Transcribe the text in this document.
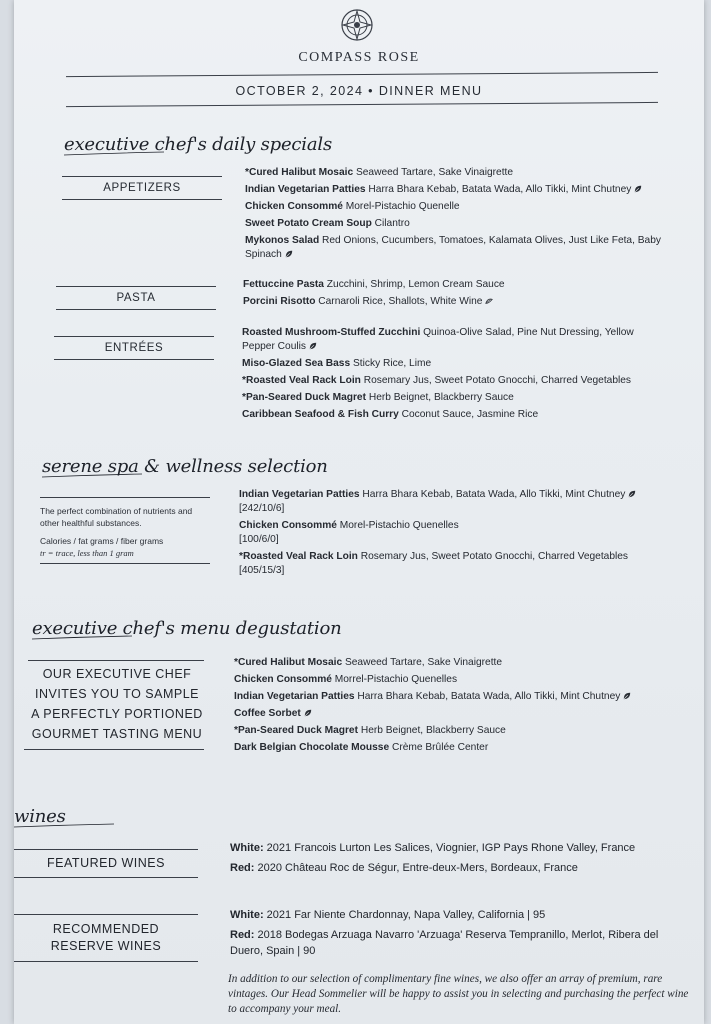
COMPASS ROSE
OCTOBER 2, 2024 • DINNER MENU
executive chef's daily specials
APPETIZERS
*Cured Halibut Mosaic Seaweed Tartare, Sake Vinaigrette
Indian Vegetarian Patties Harra Bhara Kebab, Batata Wada, Allo Tikki, Mint Chutney
Chicken Consommé Morel-Pistachio Quenelle
Sweet Potato Cream Soup Cilantro
Mykonos Salad Red Onions, Cucumbers, Tomatoes, Kalamata Olives, Just Like Feta, Baby Spinach
PASTA
Fettuccine Pasta Zucchini, Shrimp, Lemon Cream Sauce
Porcini Risotto Carnaroli Rice, Shallots, White Wine
ENTRÉES
Roasted Mushroom-Stuffed Zucchini Quinoa-Olive Salad, Pine Nut Dressing, Yellow Pepper Coulis
Miso-Glazed Sea Bass Sticky Rice, Lime
*Roasted Veal Rack Loin Rosemary Jus, Sweet Potato Gnocchi, Charred Vegetables
*Pan-Seared Duck Magret Herb Beignet, Blackberry Sauce
Caribbean Seafood & Fish Curry Coconut Sauce, Jasmine Rice
serene spa & wellness selection
The perfect combination of nutrients and other healthful substances.
Calories / fat grams / fiber grams
tr = trace, less than 1 gram
Indian Vegetarian Patties Harra Bhara Kebab, Batata Wada, Allo Tikki, Mint Chutney
[242/10/6]
Chicken Consommé Morel-Pistachio Quenelles
[100/6/0]
*Roasted Veal Rack Loin Rosemary Jus, Sweet Potato Gnocchi, Charred Vegetables
[405/15/3]
executive chef's menu degustation
OUR EXECUTIVE CHEF
INVITES YOU TO SAMPLE
A PERFECTLY PORTIONED
GOURMET TASTING MENU
*Cured Halibut Mosaic Seaweed Tartare, Sake Vinaigrette
Chicken Consommé Morrel-Pistachio Quenelles
Indian Vegetarian Patties Harra Bhara Kebab, Batata Wada, Allo Tikki, Mint Chutney
Coffee Sorbet
*Pan-Seared Duck Magret Herb Beignet, Blackberry Sauce
Dark Belgian Chocolate Mousse Crème Brûlée Center
wines
FEATURED WINES
White: 2021 Francois Lurton Les Salices, Viognier, IGP Pays Rhone Valley, France
Red: 2020 Château Roc de Ségur, Entre-deux-Mers, Bordeaux, France
RECOMMENDED
RESERVE WINES
White: 2021 Far Niente Chardonnay, Napa Valley, California | 95
Red: 2018 Bodegas Arzuaga Navarro 'Arzuaga' Reserva Tempranillo, Merlot, Ribera del Duero, Spain | 90
In addition to our selection of complimentary fine wines, we also offer an array of premium, rare vintages. Our Head Sommelier will be happy to assist you in selecting and purchasing the perfect wine to accompany your meal.
